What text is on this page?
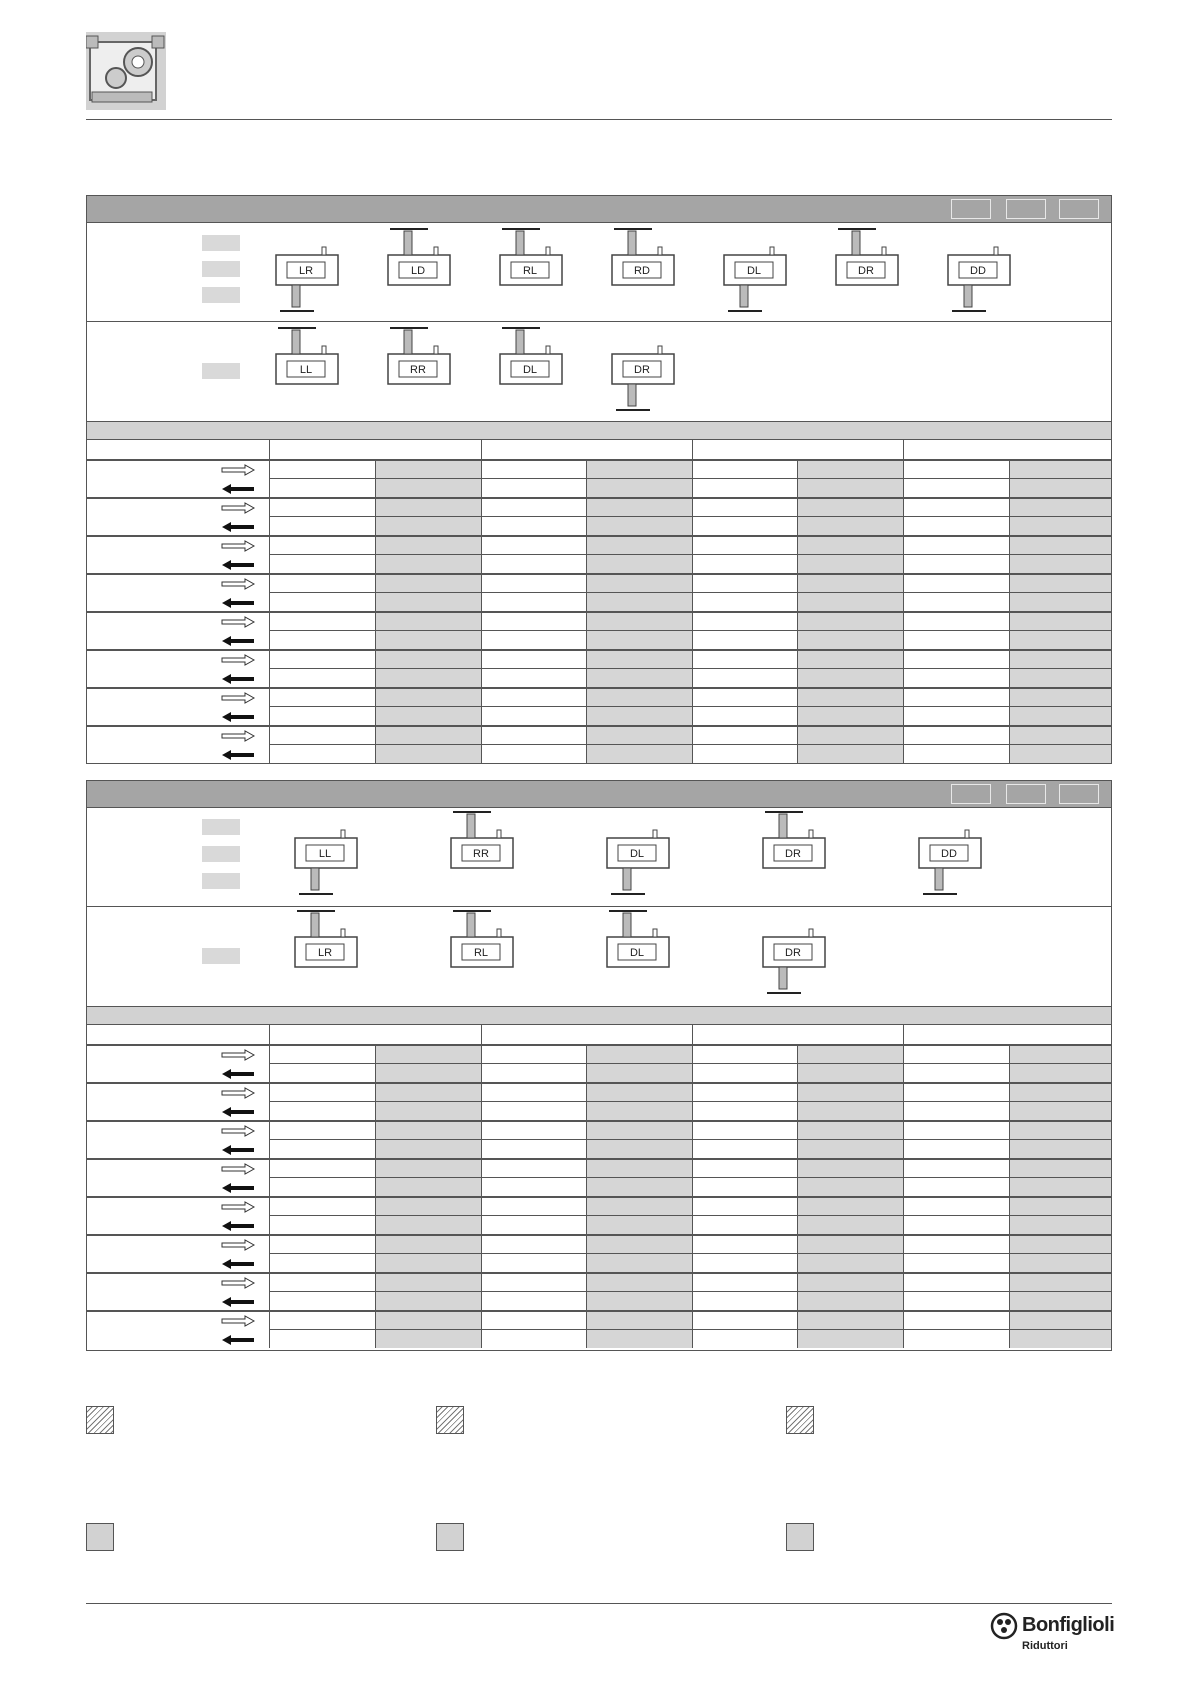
LR	LD	RL	RD	DL	DR	DD
LL	RR	DL	DR
LL	RR	DL	DR	DD
LR	RL	DL	DR
Bonfiglioli
Riduttori
